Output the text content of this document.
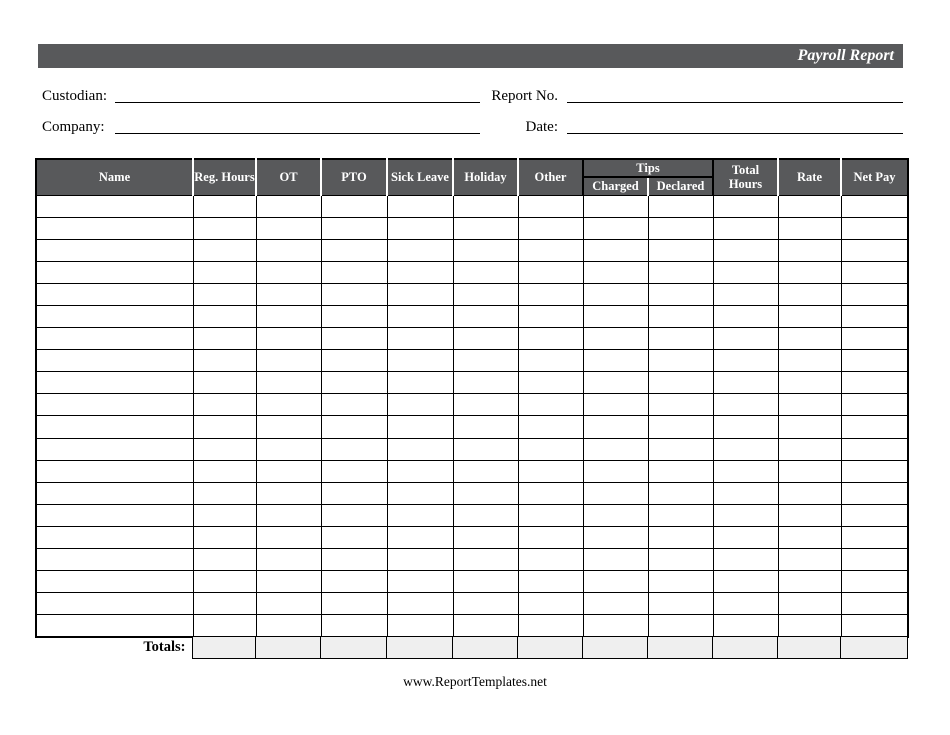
Payroll Report
Custodian:	Report No.
Company:	Date:
Name	Reg. Hours	OT	PTO	Sick Leave	Holiday	Other	Tips		Total Hours	Rate	Net Pay
							Charged	Declared			

Totals:											
www.ReportTemplates.net
